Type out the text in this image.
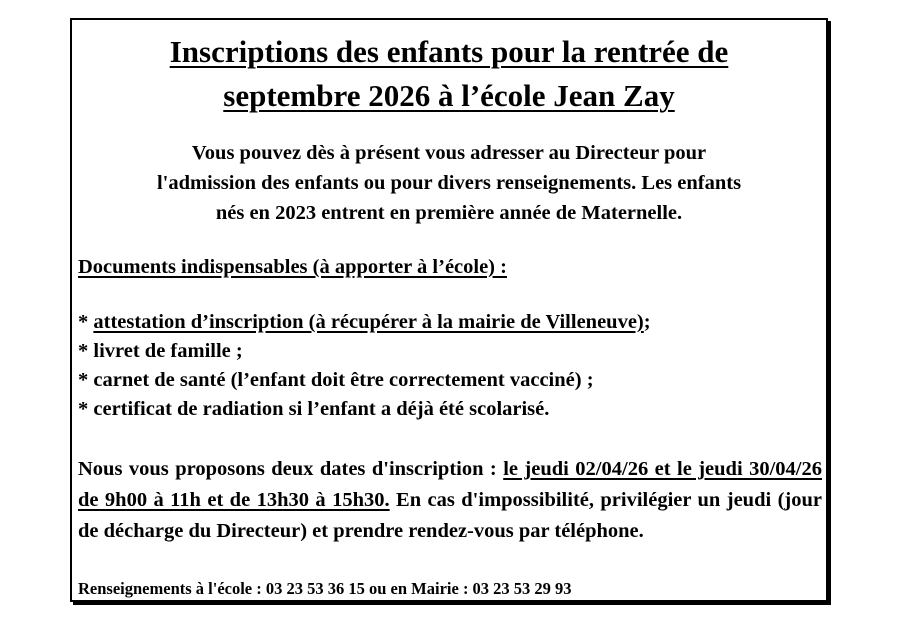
Inscriptions des enfants pour la rentrée de
septembre 2026 à l’école Jean Zay

Vous pouvez dès à présent vous adresser au Directeur pour
l'admission des enfants ou pour divers renseignements. Les enfants
nés en 2023 entrent en première année de Maternelle.

Documents indispensables (à apporter à l’école) :

* attestation d’inscription (à récupérer à la mairie de Villeneuve);
* livret de famille ;
* carnet de santé (l’enfant doit être correctement vacciné) ;
* certificat de radiation si l’enfant a déjà été scolarisé.

Nous vous proposons deux dates d'inscription : le jeudi 02/04/26 et le jeudi 30/04/26 de 9h00 à 11h et de 13h30 à 15h30. En cas d'impossibilité, privilégier un jeudi (jour de décharge du Directeur) et prendre rendez-vous par téléphone.

Renseignements à l'école : 03 23 53 36 15 ou en Mairie : 03 23 53 29 93
